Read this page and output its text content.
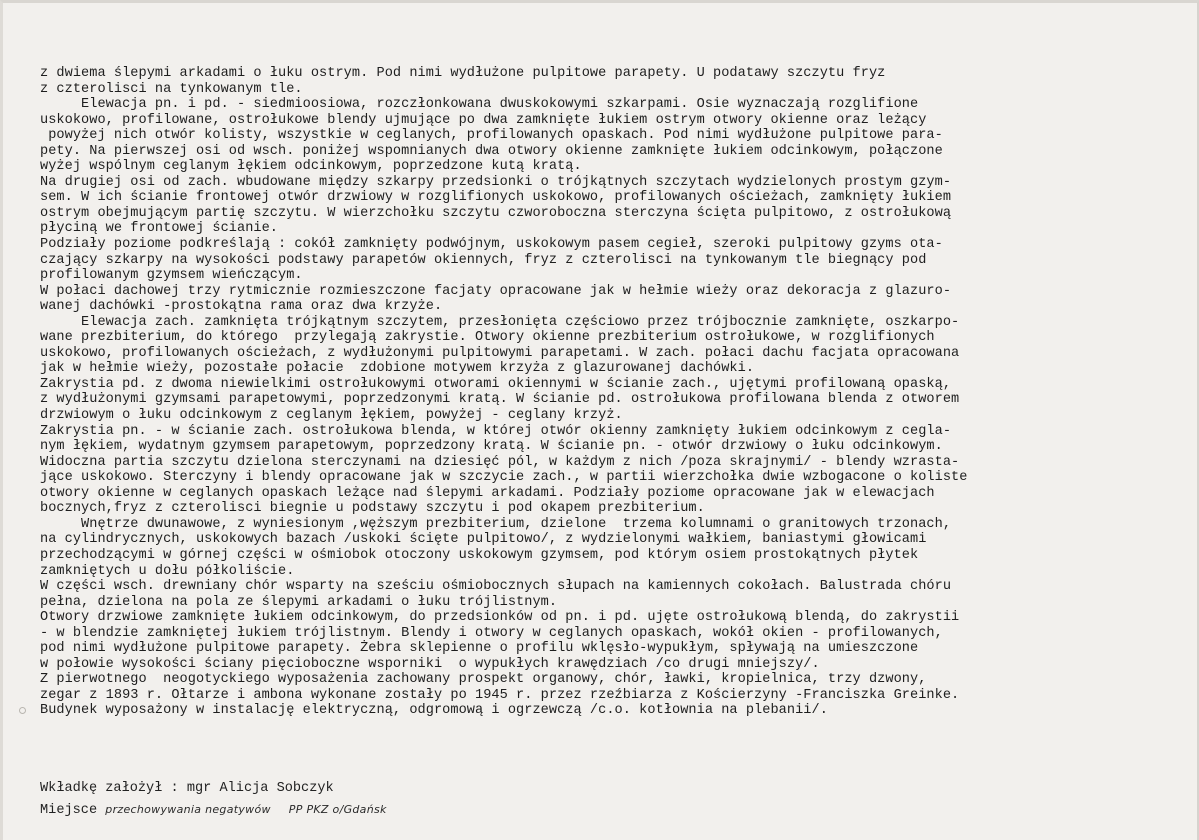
z dwiema ślepymi arkadami o łuku ostrym. Pod nimi wydłużone pulpitowe parapety. U podatawy szczytu fryz
z czterolisci na tynkowanym tle.
Elewacja pn. i pd. - siedmioosiowa, rozczłonkowana dwuskokowymi szkarpami. Osie wyznaczają rozglifione
uskokowo, profilowane, ostrołukowe blendy ujmujące po dwa zamknięte łukiem ostrym otwory okienne oraz leżący
powyżej nich otwór kolisty, wszystkie w ceglanych, profilowanych opaskach. Pod nimi wydłużone pulpitowe para-
pety. Na pierwszej osi od wsch. poniżej wspomnianych dwa otwory okienne zamknięte łukiem odcinkowym, połączone
wyżej wspólnym ceglanym łękiem odcinkowym, poprzedzone kutą kratą.
Na drugiej osi od zach. wbudowane między szkarpy przedsionki o trójkątnych szczytach wydzielonych prostym gzym-
sem. W ich ścianie frontowej otwór drzwiowy w rozglifionych uskokowo, profilowanych ościeżach, zamknięty łukiem
ostrym obejmującym partię szczytu. W wierzchołku szczytu czworoboczna sterczyna ścięta pulpitowo, z ostrołukową
płyciną we frontowej ścianie.
Podziały poziome podkreślają : cokół zamknięty podwójnym, uskokowym pasem cegieł, szeroki pulpitowy gzyms ota-
czający szkarpy na wysokości podstawy parapetów okiennych, fryz z czterolisci na tynkowanym tle biegnący pod
profilowanym gzymsem wieńczącym.
W połaci dachowej trzy rytmicznie rozmieszczone facjaty opracowane jak w hełmie wieży oraz dekoracja z glazuro-
wanej dachówki -prostokątna rama oraz dwa krzyże.
Elewacja zach. zamknięta trójkątnym szczytem, przesłonięta częściowo przez trójbocznie zamknięte, oszkarpo-
wane prezbiterium, do którego  przylegają zakrystie. Otwory okienne prezbiterium ostrołukowe, w rozglifionych
uskokowo, profilowanych ościeżach, z wydłużonymi pulpitowymi parapetami. W zach. połaci dachu facjata opracowana
jak w hełmie wieży, pozostałe połacie  zdobione motywem krzyża z glazurowanej dachówki.
Zakrystia pd. z dwoma niewielkimi ostrołukowymi otworami okiennymi w ścianie zach., ujętymi profilowaną opaską,
z wydłużonymi gzymsami parapetowymi, poprzedzonymi kratą. W ścianie pd. ostrołukowa profilowana blenda z otworem
drzwiowym o łuku odcinkowym z ceglanym łękiem, powyżej - ceglany krzyż.
Zakrystia pn. - w ścianie zach. ostrołukowa blenda, w której otwór okienny zamknięty łukiem odcinkowym z cegla-
nym łękiem, wydatnym gzymsem parapetowym, poprzedzony kratą. W ścianie pn. - otwór drzwiowy o łuku odcinkowym.
Widoczna partia szczytu dzielona sterczynami na dziesięć pól, w każdym z nich /poza skrajnymi/ - blendy wzrasta-
jące uskokowo. Sterczyny i blendy opracowane jak w szczycie zach., w partii wierzchołka dwie wzbogacone o koliste
otwory okienne w ceglanych opaskach leżące nad ślepymi arkadami. Podziały poziome opracowane jak w elewacjach
bocznych,fryz z czterolisci biegnie u podstawy szczytu i pod okapem prezbiterium.
Wnętrze dwunawowe, z wyniesionym ,węższym prezbiterium, dzielone  trzema kolumnami o granitowych trzonach,
na cylindrycznych, uskokowych bazach /uskoki ścięte pulpitowo/, z wydzielonymi wałkiem, baniastymi głowicami
przechodzącymi w górnej części w ośmiobok otoczony uskokowym gzymsem, pod którym osiem prostokątnych płytek
zamkniętych u dołu półkoliście.
W części wsch. drewniany chór wsparty na sześciu ośmiobocznych słupach na kamiennych cokołach. Balustrada chóru
pełna, dzielona na pola ze ślepymi arkadami o łuku trójlistnym.
Otwory drzwiowe zamknięte łukiem odcinkowym, do przedsionków od pn. i pd. ujęte ostrołukową blendą, do zakrystii
- w blendzie zamkniętej łukiem trójlistnym. Blendy i otwory w ceglanych opaskach, wokół okien - profilowanych,
pod nimi wydłużone pulpitowe parapety. Żebra sklepienne o profilu wklęsło-wypukłym, spływają na umieszczone
w połowie wysokości ściany pięcioboczne wsporniki  o wypukłych krawędziach /co drugi mniejszy/.
Z pierwotnego  neogotyckiego wyposażenia zachowany prospekt organowy, chór, ławki, kropielnica, trzy dzwony,
zegar z 1893 r. Ołtarze i ambona wykonane zostały po 1945 r. przez rzeźbiarza z Kościerzyny -Franciszka Greinke.
Budynek wyposażony w instalację elektryczną, odgromową i ogrzewczą /c.o. kotłownia na plebanii/.
Wkładkę założył : mgr Alicja Sobczyk
Miejsce przechowywania negatywów PP PKZ o/Gdańsk
